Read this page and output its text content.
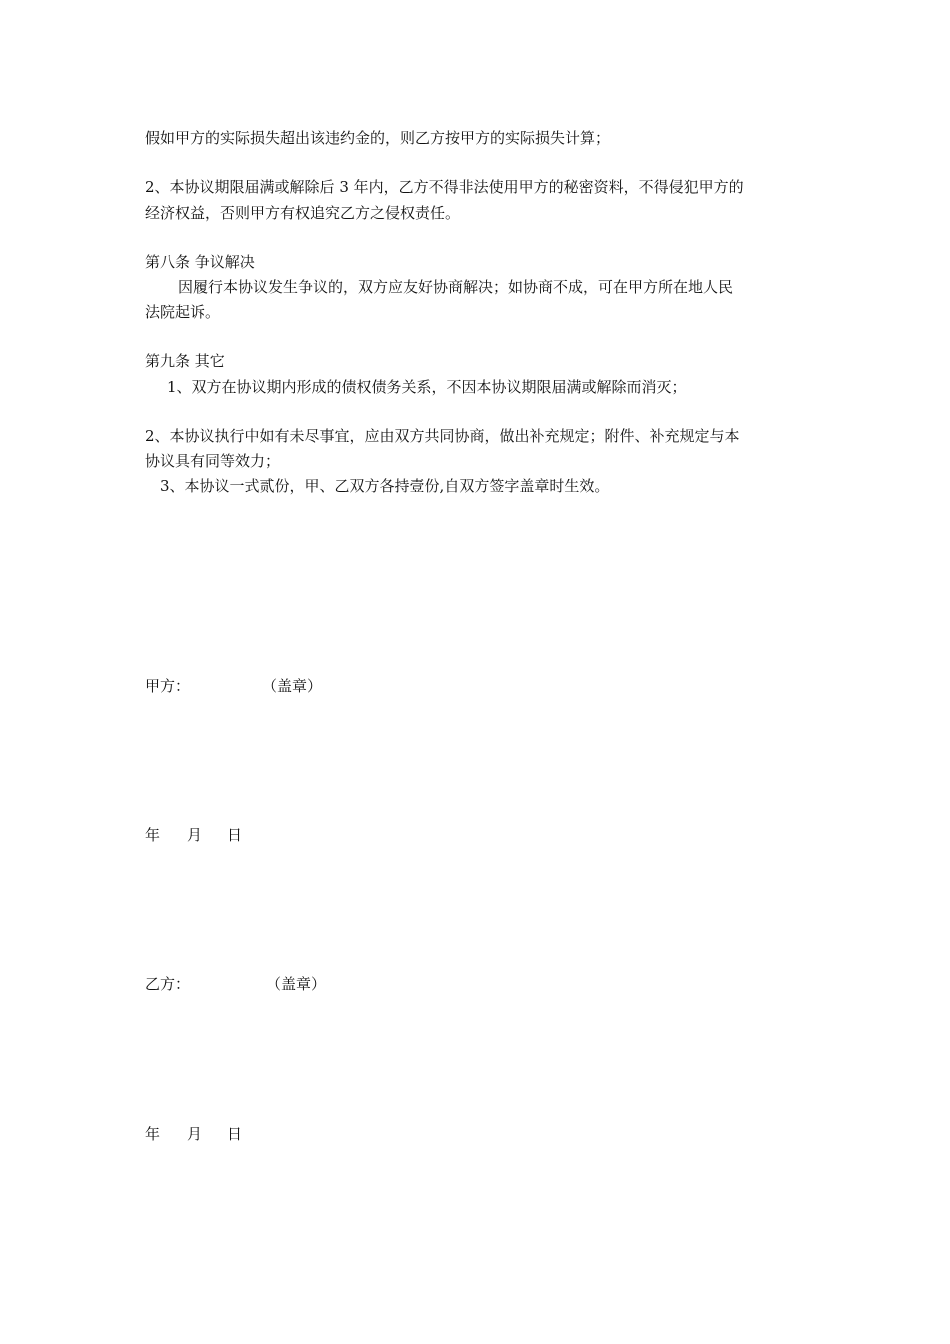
假如甲方的实际损失超出该违约金的，则乙方按甲方的实际损失计算；
2、本协议期限届满或解除后 3 年内，乙方不得非法使用甲方的秘密资料，不得侵犯甲方的
经济权益，否则甲方有权追究乙方之侵权责任。
第八条 争议解决
因履行本协议发生争议的，双方应友好协商解决；如协商不成，可在甲方所在地人民
法院起诉。
第九条 其它
1、双方在协议期内形成的债权债务关系，不因本协议期限届满或解除而消灭；
2、本协议执行中如有未尽事宜，应由双方共同协商，做出补充规定；附件、补充规定与本
协议具有同等效力；
3、本协议一式贰份，甲、乙双方各持壹份,自双方签字盖章时生效。
甲方：	（盖章）
年 月 日
乙方：	（盖章）
年 月 日
